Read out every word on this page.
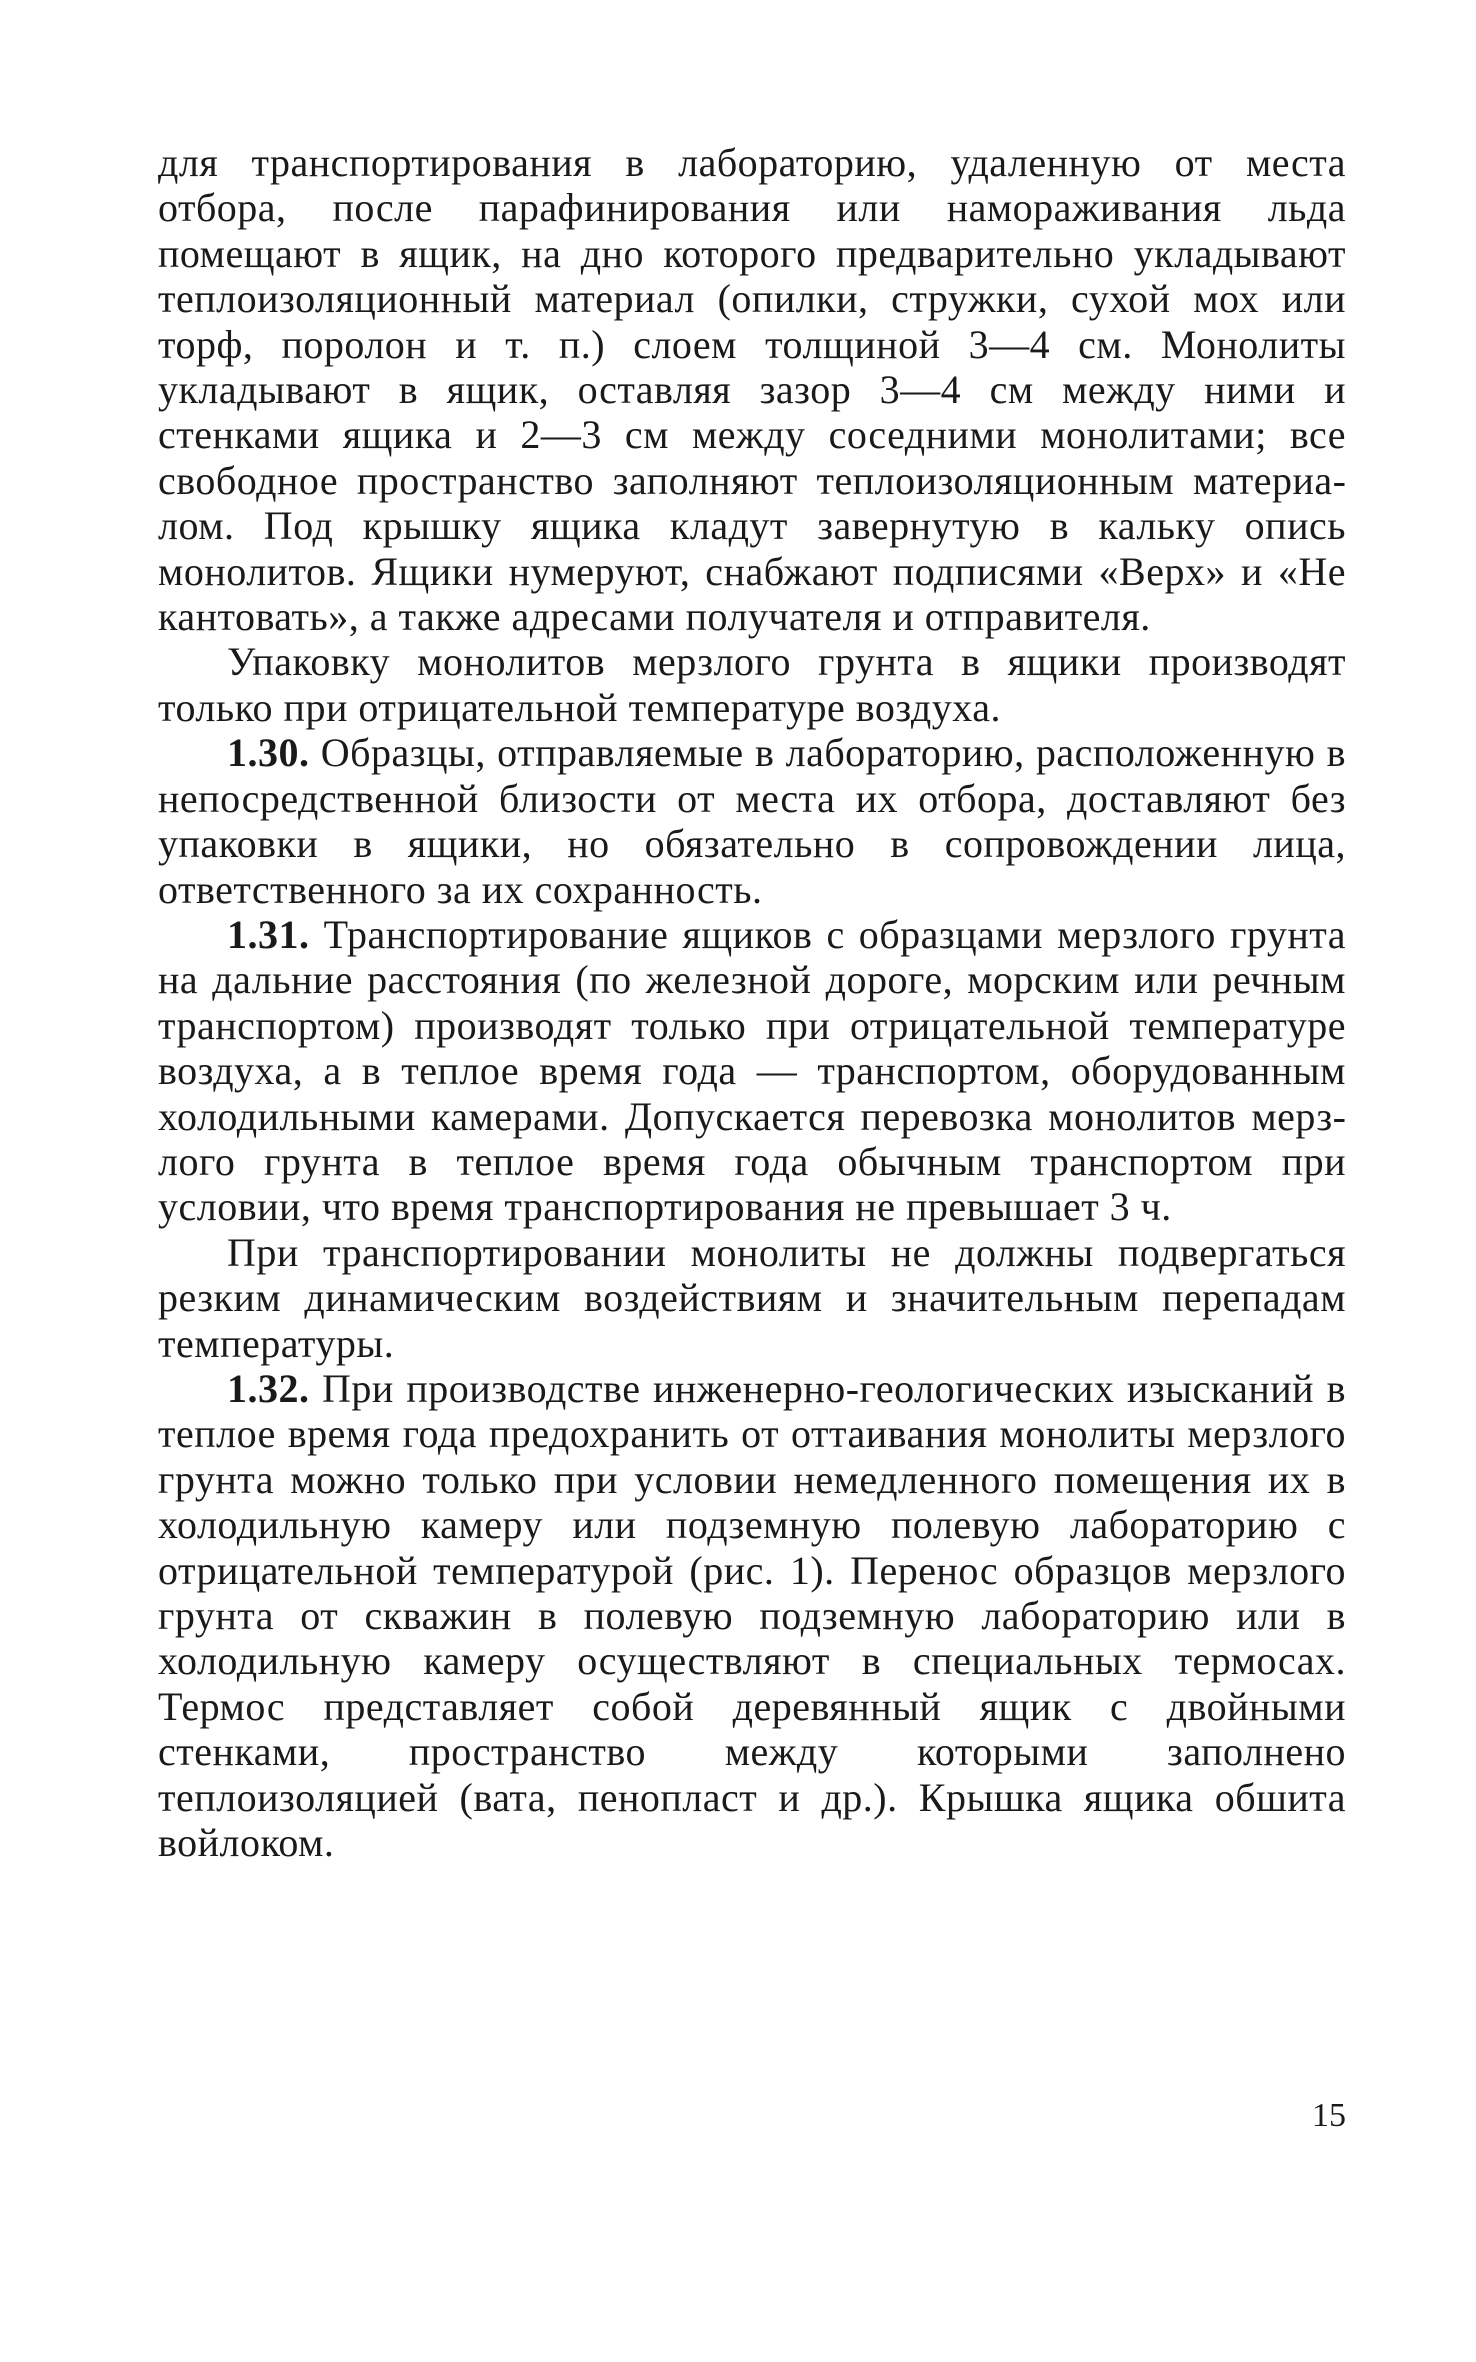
для транспортирования в лабораторию, удаленную от места отбора, после парафинирования или намораживания льда помещают в ящик, на дно которого предварительно укладывают теплоизоляционный материал (опилки, стружки, сухой мох или торф, поролон и т. п.) слоем толщиной 3—4 см. Монолиты укладывают в ящик, оставляя зазор 3—4 см между ними и стенками ящика и 2—3 см между соседними монолитами; все свободное пространство заполняют теплоизоляционным материалом. Под крышку ящика кладут завернутую в кальку опись монолитов. Ящики нумеруют, снабжают подписями «Верх» и «Не кантовать», а также адресами получателя и отправителя.

Упаковку монолитов мерзлого грунта в ящики производят только при отрицательной температуре воздуха.

1.30. Образцы, отправляемые в лабораторию, расположенную в непосредственной близости от места их отбора, доставляют без упаковки в ящики, но обязательно в сопровождении лица, ответственного за их сохранность.

1.31. Транспортирование ящиков с образцами мерзлого грунта на дальние расстояния (по железной дороге, морским или речным транспортом) производят только при отрицательной температуре воздуха, а в теплое время года — транспортом, оборудованным холодильными камерами. Допускается перевозка монолитов мерзлого грунта в теплое время года обычным транспортом при условии, что время транспортирования не превышает 3 ч.

При транспортировании монолиты не должны подвергаться резким динамическим воздействиям и значительным перепадам температуры.

1.32. При производстве инженерно-геологических изысканий в теплое время года предохранить от оттаивания монолиты мерзлого грунта можно только при условии немедленного помещения их в холодильную камеру или подземную полевую лабораторию с отрицательной температурой (рис. 1). Перенос образцов мерзлого грунта от скважин в полевую подземную лабораторию или в холодильную камеру осуществляют в специальных термосах. Термос представляет собой деревянный ящик с двойными стенками, пространство между которыми заполнено теплоизоляцией (вата, пенопласт и др.). Крышка ящика обшита войлоком.

15
